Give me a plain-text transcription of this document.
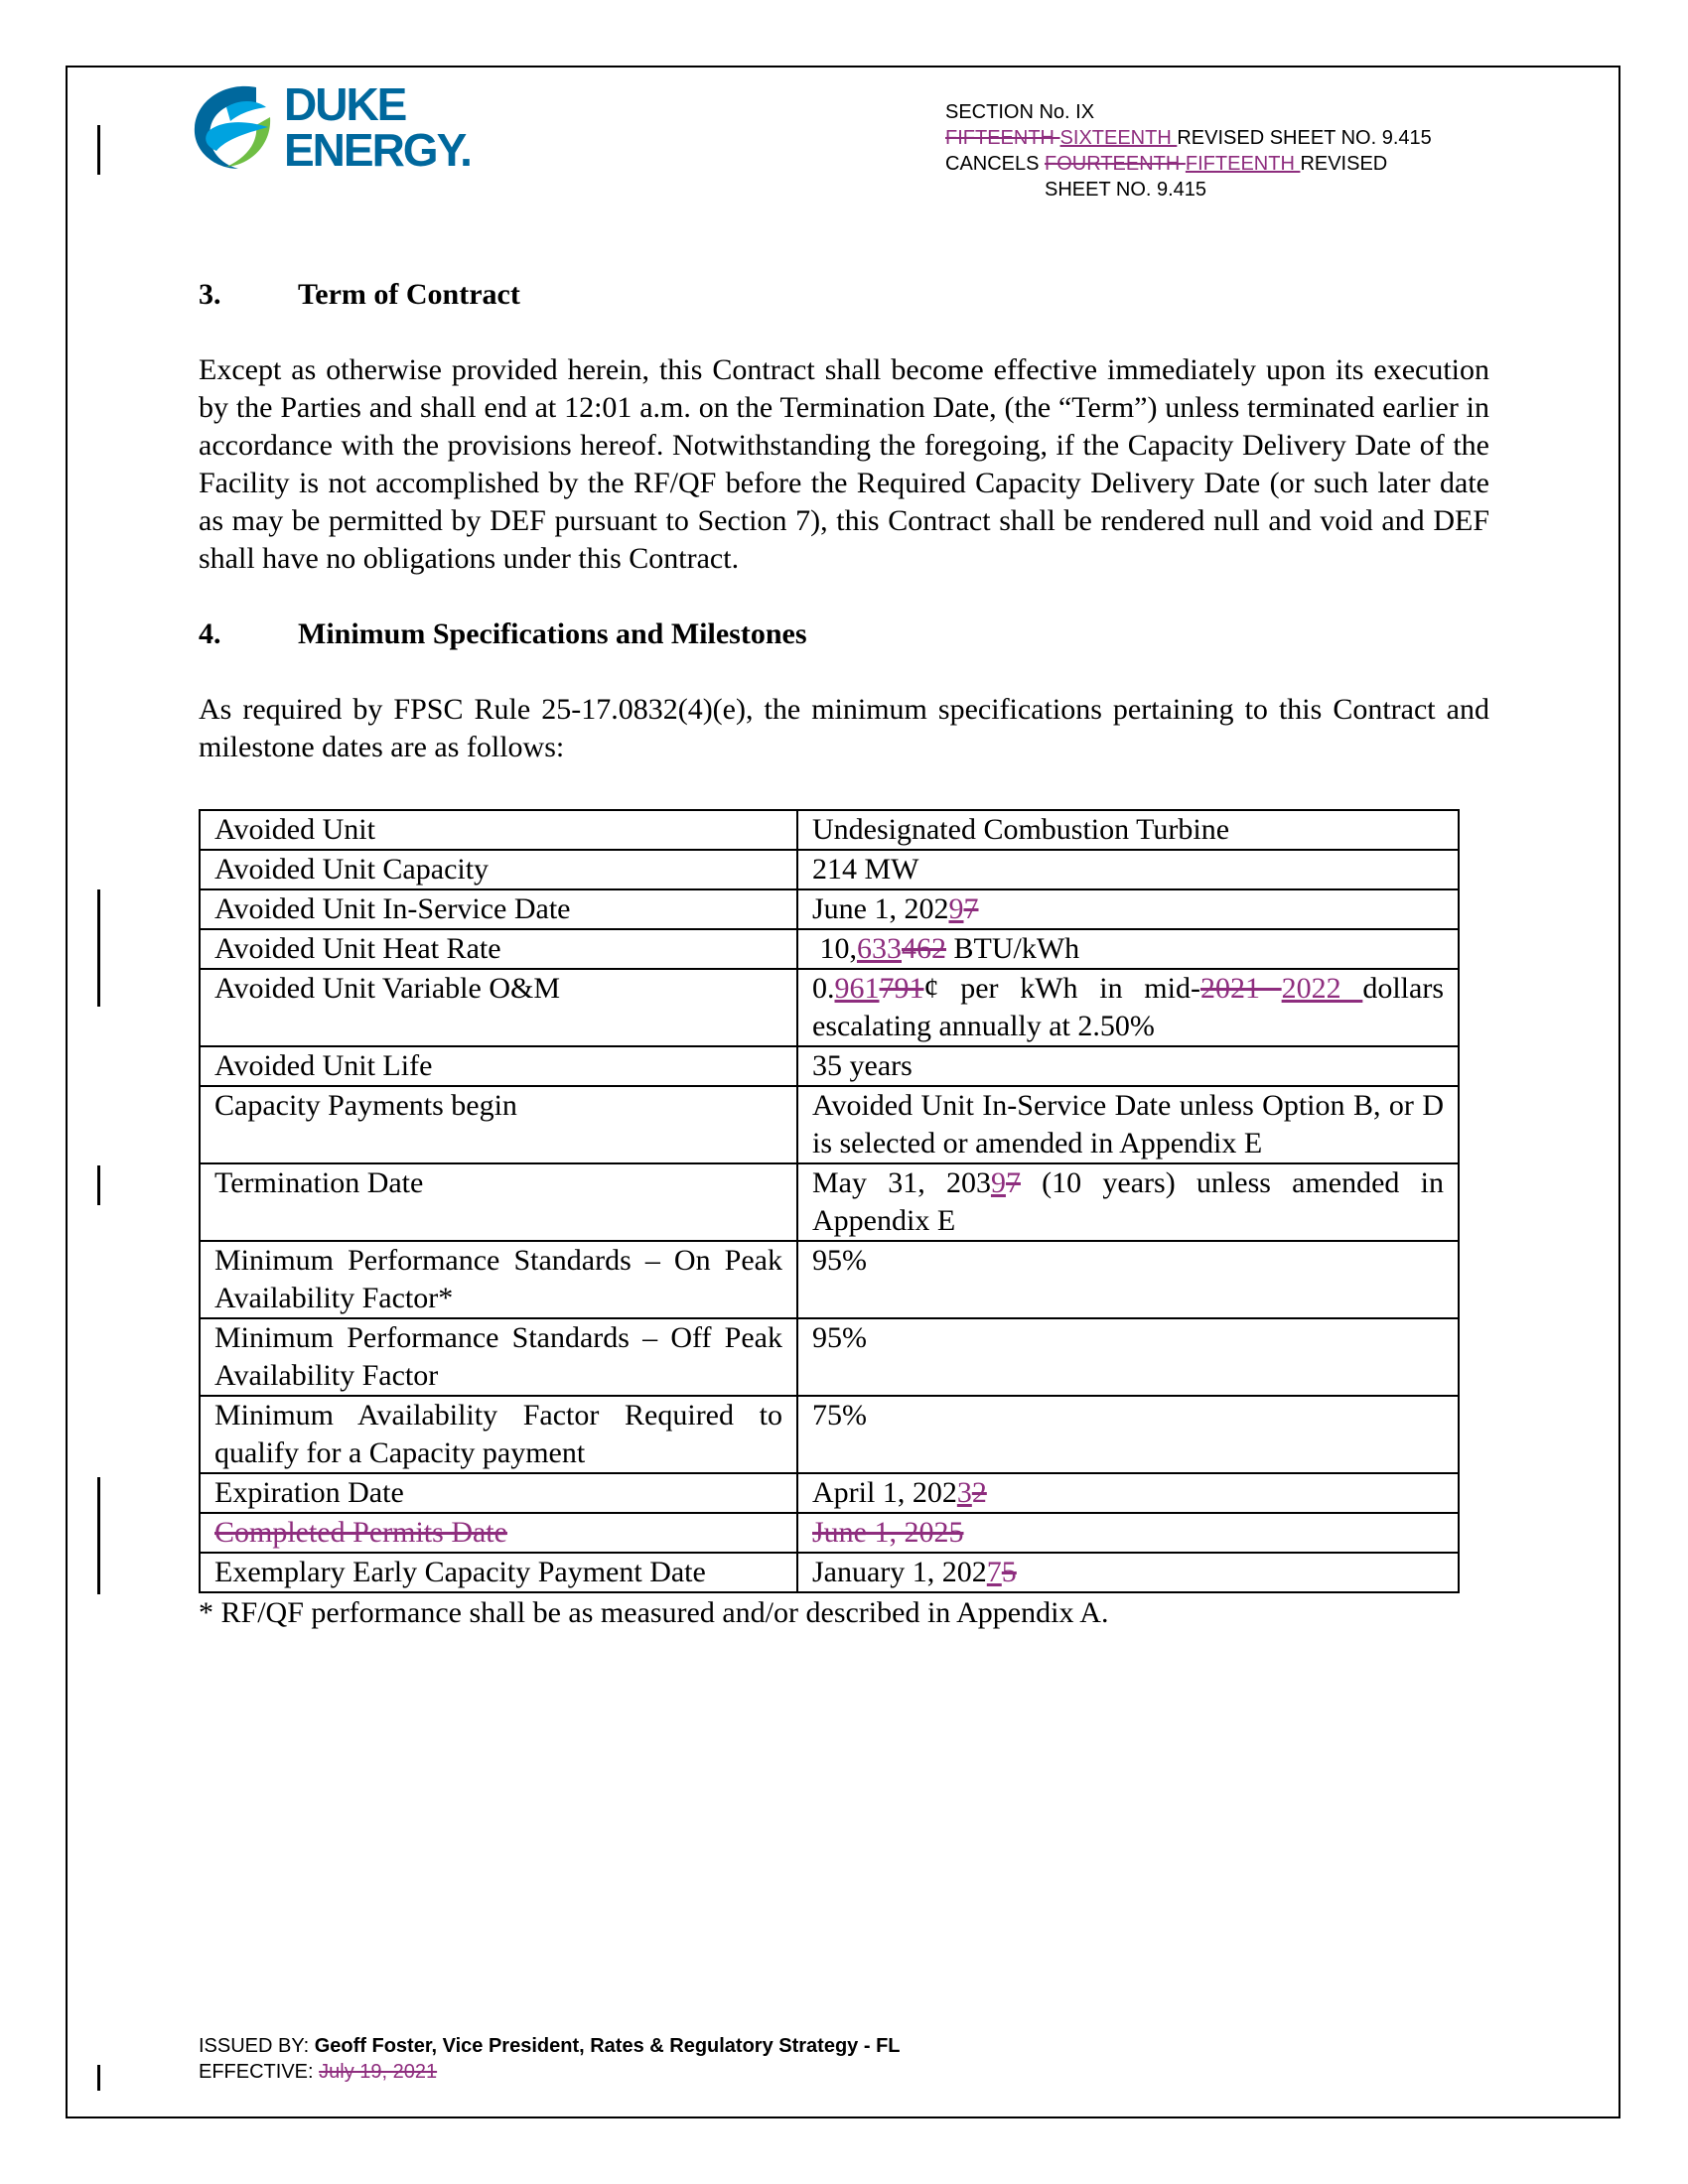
DUKE
ENERGY.
SECTION No. IX
FIFTEENTH SIXTEENTH REVISED SHEET NO. 9.415
CANCELS FOURTEENTH FIFTEENTH REVISED
SHEET NO. 9.415
3.	Term of Contract

Except as otherwise provided herein, this Contract shall become effective immediately upon its execution by the Parties and shall end at 12:01 a.m. on the Termination Date, (the “Term”) unless terminated earlier in accordance with the provisions hereof. Notwithstanding the foregoing, if the Capacity Delivery Date of the Facility is not accomplished by the RF/QF before the Required Capacity Delivery Date (or such later date as may be permitted by DEF pursuant to Section 7), this Contract shall be rendered null and void and DEF shall have no obligations under this Contract.

4.	Minimum Specifications and Milestones

As required by FPSC Rule 25-17.0832(4)(e), the minimum specifications pertaining to this Contract and milestone dates are as follows:

Avoided Unit	Undesignated Combustion Turbine
Avoided Unit Capacity	214 MW
Avoided Unit In-Service Date	June 1, 20297
Avoided Unit Heat Rate	10,633462 BTU/kWh
Avoided Unit Variable O&M	0.961791¢ per kWh in mid-2021 2022 dollars escalating annually at 2.50%
Avoided Unit Life	35 years
Capacity Payments begin	Avoided Unit In-Service Date unless Option B, or D is selected or amended in Appendix E
Termination Date	May 31, 20397 (10 years) unless amended in Appendix E
Minimum Performance Standards – On Peak Availability Factor*	95%
Minimum Performance Standards – Off Peak Availability Factor	95%
Minimum Availability Factor Required to qualify for a Capacity payment	75%
Expiration Date	April 1, 20232
Completed Permits Date	June 1, 2025
Exemplary Early Capacity Payment Date	January 1, 20275
* RF/QF performance shall be as measured and/or described in Appendix A.
ISSUED BY: Geoff Foster, Vice President, Rates & Regulatory Strategy - FL
EFFECTIVE: July 19, 2021
